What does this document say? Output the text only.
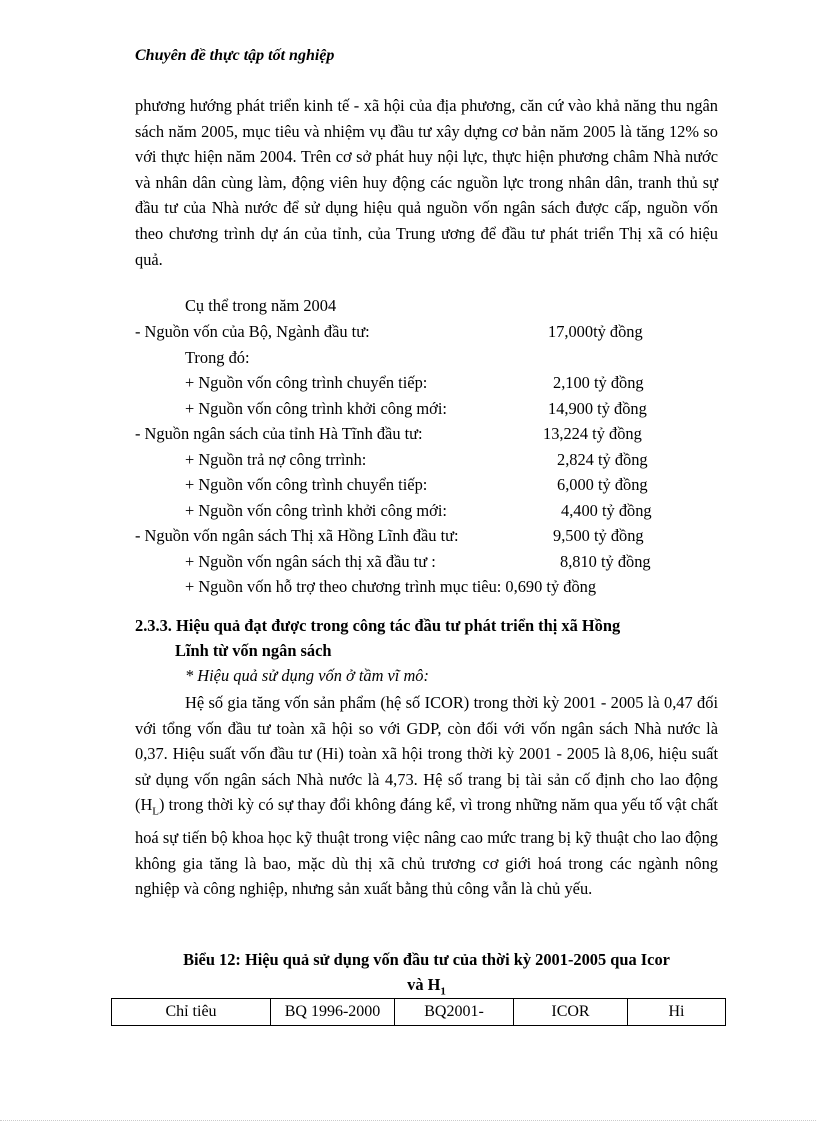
Chuyên đề thực tập tốt nghiệp

phương hướng phát triển kinh tế - xã hội của địa phương, căn cứ vào khả năng thu ngân sách năm 2005, mục tiêu và nhiệm vụ đầu tư xây dựng cơ bản năm 2005 là tăng 12% so với thực hiện năm 2004. Trên cơ sở phát huy nội lực, thực hiện phương châm Nhà nước và nhân dân cùng làm, động viên huy động các nguồn lực trong nhân dân, tranh thủ sự đầu tư của Nhà nước để sử dụng hiệu quả nguồn vốn ngân sách được cấp, nguồn vốn theo chương trình dự án của tỉnh, của Trung ương để đầu tư phát triển Thị xã có hiệu quả.

Cụ thể trong năm 2004
- Nguồn vốn của Bộ, Ngành đầu tư:	17,000tỷ đồng
Trong đó:
+ Nguồn vốn công trình chuyển tiếp:	2,100 tỷ đồng
+ Nguồn vốn công trình khởi công mới:	14,900 tỷ đồng
- Nguồn ngân sách của tỉnh Hà Tĩnh đầu tư:	13,224 tỷ đồng
+ Nguồn trả nợ công trrình:	2,824 tỷ đồng
+ Nguồn vốn công trình chuyển tiếp:	6,000 tỷ đồng
+ Nguồn vốn công trình khởi công mới:	4,400 tỷ đồng
- Nguồn vốn ngân sách Thị xã Hồng Lĩnh đầu tư:	9,500 tỷ đồng
+ Nguồn vốn ngân sách thị xã đầu tư :	8,810 tỷ đồng
+ Nguồn vốn hỗ trợ theo chương trình mục tiêu: 0,690 tỷ đồng
2.3.3. Hiệu quả đạt được trong công tác đầu tư phát triển thị xã Hồng
Lĩnh từ vốn ngân sách
* Hiệu quả sử dụng vốn ở tầm vĩ mô:

Hệ số gia tăng vốn sản phẩm (hệ số ICOR) trong thời kỳ 2001 - 2005 là 0,47 đối với tổng vốn đầu tư toàn xã hội so với GDP, còn đối với vốn ngân sách Nhà nước là 0,37. Hiệu suất vốn đầu tư (Hi) toàn xã hội trong thời kỳ 2001 - 2005 là 8,06, hiệu suất sử dụng vốn ngân sách Nhà nước là 4,73. Hệ số trang bị tài sản cố định cho lao động $(H_L)$ trong thời kỳ có sự thay đổi không đáng kể, vì trong những năm qua yếu tố vật chất hoá sự tiến bộ khoa học kỹ thuật trong việc nâng cao mức trang bị kỹ thuật cho lao động không gia tăng là bao, mặc dù thị xã chủ trương cơ giới hoá trong các ngành nông nghiệp và công nghiệp, nhưng sản xuất bằng thủ công vẫn là chủ yếu.

Biểu 12: Hiệu quả sử dụng vốn đầu tư của thời kỳ 2001-2005 qua Icor
và $H_1$
Chỉ tiêu	BQ 1996-2000	BQ2001-	ICOR	Hi
